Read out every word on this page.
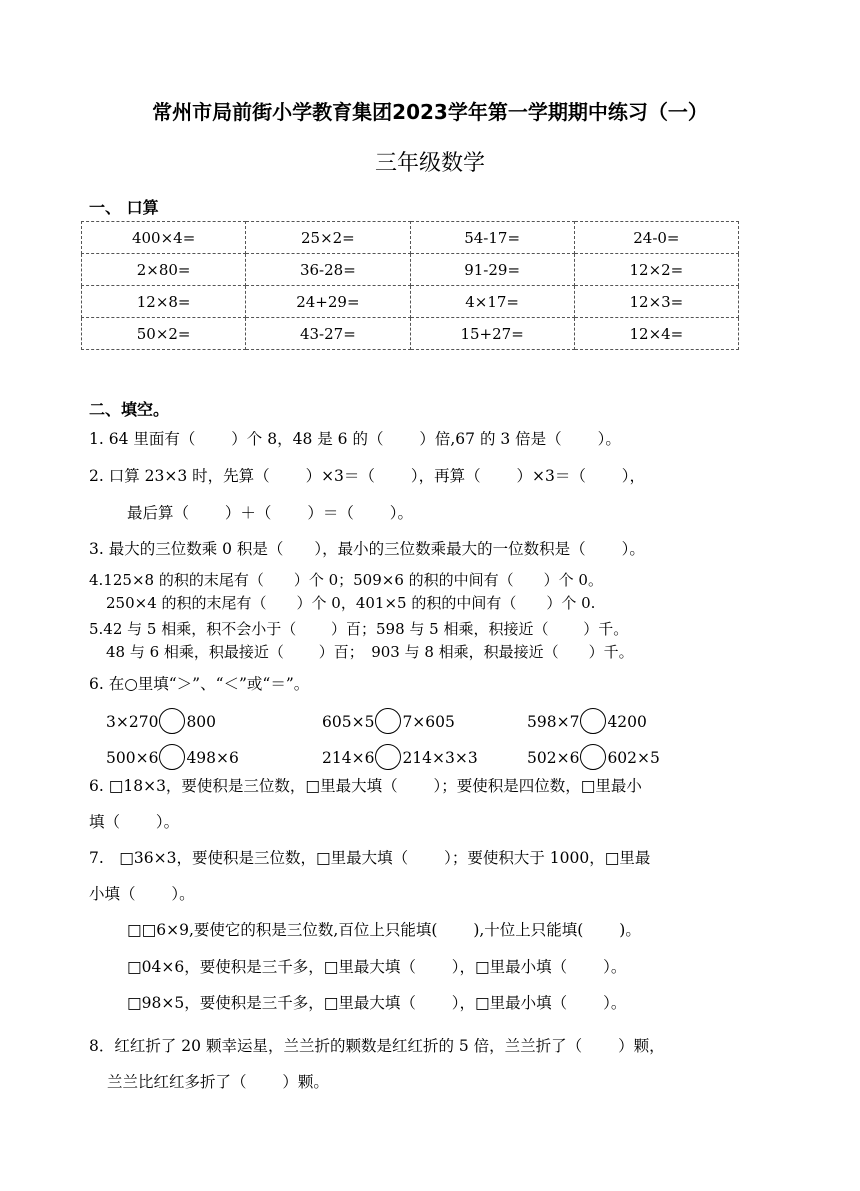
常州市局前街小学教育集团2023学年第一学期期中练习（一）
三年级数学
一、 口算
400×4=	25×2=	54-17=	24-0=
2×80=	36-28=	91-29=	12×2=
12×8=	24+29=	4×17=	12×3=
50×2=	43-27=	15+27=	12×4=
二、填空。
1. 64 里面有（　　 ）个 8，48 是 6 的（　　 ）倍,67 的 3 倍是（　　 ）。
2. 口算 23×3 时，先算（　　 ）×3＝（　　 ），再算（　　 ）×3＝（　　 ），
最后算（　　 ）＋（　　 ）＝（　　 ）。
3. 最大的三位数乘 0 积是（　　），最小的三位数乘最大的一位数积是（　　 ）。
4.125×8 的积的末尾有（　　）个 0；509×6 的积的中间有（　　）个 0。
250×4 的积的末尾有（　　）个 0，401×5 的积的中间有（　　）个 0.
5.42 与 5 相乘，积不会小于（　　 ）百；598 与 5 相乘，积接近（　　 ）千。
48 与 6 相乘，积最接近（　　 ）百；　903 与 8 相乘，积最接近（　　）千。
6. 在○里填“＞”、“＜”或“＝”。
3×270 800	605×5 7×605	598×7 4200
500×6 498×6	214×6 214×3×3	502×6 602×5
6. □18×3，要使积是三位数，□里最大填（　　 ）；要使积是四位数，□里最小
填（　　 ）。
7.　□36×3，要使积是三位数，□里最大填（　　 ）；要使积大于 1000，□里最
小填（　　 ）。
□□6×9,要使它的积是三位数,百位上只能填(　　 ),十位上只能填(　　 )。
□04×6，要使积是三千多，□里最大填（　　 ），□里最小填（　　 ）。
□98×5，要使积是三千多，□里最大填（　　 ），□里最小填（　　 ）。
8．红红折了 20 颗幸运星，兰兰折的颗数是红红折的 5 倍，兰兰折了（　　 ）颗，
兰兰比红红多折了（　　 ）颗。
